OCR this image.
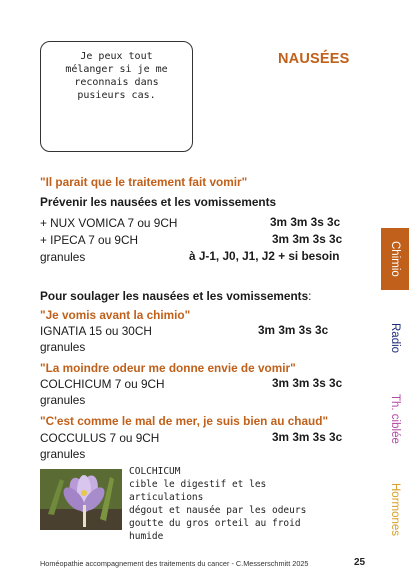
Je peux tout
mélanger si je me
reconnais dans
pusieurs cas.
NAUSÉES
"Il parait que le traitement fait vomir"
Prévenir les nausées et les vomissements
+ NUX VOMICA 7 ou 9CH	3m 3m 3s 3c
+ IPECA 7 ou 9CH	3m 3m 3s 3c
granules	à J-1, J0, J1, J2 + si besoin
Pour soulager les nausées et les vomissements:
"Je vomis avant la chimio"
IGNATIA 15 ou 30CH	3m 3m 3s 3c
granules
"La moindre odeur me donne envie de vomir"
COLCHICUM 7 ou 9CH	3m 3m 3s 3c
granules
"C'est comme le mal de mer, je suis bien au chaud"
COCCULUS 7 ou 9CH	3m 3m 3s 3c
granules
Chimio
Radio
Th. ciblée
Hormones
COLCHICUM
cible le digestif et les
articulations
dégout et nausée par les odeurs
goutte du gros orteil au froid
humide
Homéopathie accompagnement des traitements du cancer - C.Messerschmitt 2025	25
